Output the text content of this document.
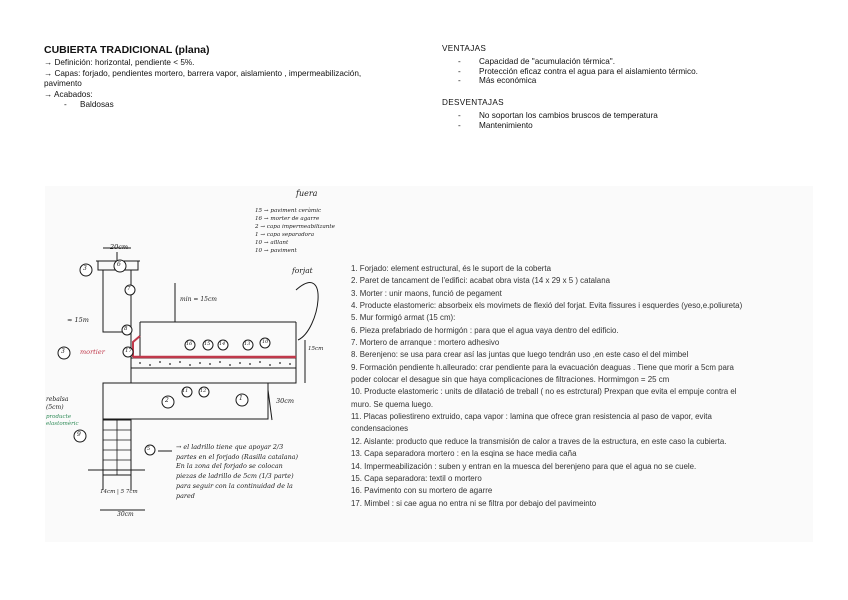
CUBIERTA TRADICIONAL (plana)
→ Definición: horizontal, pendiente < 5%.
→ Capas: forjado, pendientes mortero, barrera vapor, aislamiento , impermeabilización,
pavimento
→ Acabados:
- Baldosas
VENTAJAS
- Capacidad de "acumulación térmica".
- Protección eficaz contra el agua para el aislamiento térmico.
- Más económica
DESVENTAJAS
- No soportan los cambios bruscos de temperatura
- Mantenimiento
fuera
15 → paviment ceràmic
16 → morter de agarre
2 → capa impermeabilizante
1 → capa separadora
10 → aïllant
10 → paviment
forjat
20cm
≈ 15m
min = 15cm
15cm
30cm
mortier
rebalsa (5cm)
producte elastomèric
→ el ladrillo tiene que apoyar 2/3
partes en el forjado (Rasilla catalana)
En la zona del forjado se colocan
piezas de ladrillo de 5cm (1/3 parte)
para seguir con la continuidad de la
pared
14cm | 5 7cm
30cm
3
6
7
3
8
17
2	1
11 12
16 15 14	13 10
9
5
1. Forjado: element estructural, és le suport de la coberta
2. Paret de tancament de l'edifici: acabat obra vista (14 x 29 x 5 ) catalana
3. Morter : unir maons, funció de pegament
4. Producte elastomeric: absorbeix els movimets de flexió del forjat. Evita fissures i esquerdes (yeso,e.poliureta)
5. Mur formigó armat (15 cm):
6. Pieza prefabriado de hormigón : para que el agua vaya dentro del edificio.
7. Mortero de arranque : mortero adhesivo
8. Berenjeno: se usa para crear así las juntas que luego tendrán uso ,en este caso el del mimbel
9. Formación pendiente h.alleurado: crar pendiente para la evacuación deaguas . Tiene que morir a 5cm para
poder colocar el desague sin que haya complicaciones de filtraciones. Hormimgon = 25 cm
10. Producte elastomeric : units de dilatació de treball ( no es estrctural) Prexpan que evita el empuje contra el
muro. Se quema luego.
11. Placas poliestireno extruido, capa vapor : lamina que ofrece gran resistencia al paso de vapor, evita
condensaciones
12. Aislante: producto que reduce la transmisión de calor a traves de la estructura, en este caso la cubierta.
13. Capa separadora mortero : en la esqina se hace media caña
14. Impermeabilización : suben y entran en la muesca del berenjeno para que el agua no se cuele.
15. Capa separadora: textil o mortero
16. Pavimento con su mortero de agarre
17. Mimbel : si cae agua no entra ni se filtra por debajo del pavimeinto
